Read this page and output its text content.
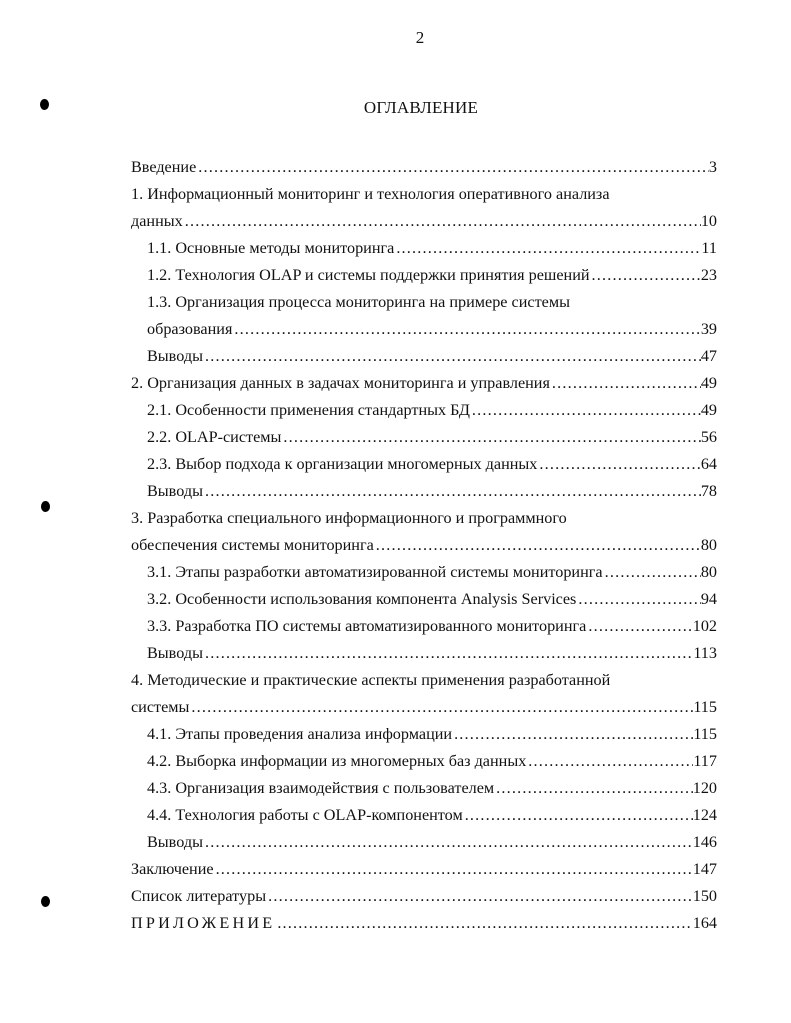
2
ОГЛАВЛЕНИЕ
Введение .....	3
1. Информационный мониторинг и технология оперативного анализа
данных .....	10
1.1. Основные методы мониторинга .....	11
1.2. Технология OLAP и системы поддержки принятия решений .....	23
1.3. Организация процесса мониторинга на примере системы
образования .....	39
Выводы .....	47
2. Организация данных в задачах мониторинга и управления .....	49
2.1. Особенности применения стандартных БД .....	49
2.2. OLAP-системы .....	56
2.3. Выбор подхода к организации многомерных данных .....	64
Выводы .....	78
3. Разработка специального информационного и программного
обеспечения системы мониторинга .....	80
3.1. Этапы разработки автоматизированной системы мониторинга .....	80
3.2. Особенности использования компонента Analysis Services .....	94
3.3. Разработка ПО системы автоматизированного мониторинга .....	102
Выводы .....	113
4. Методические и практические аспекты применения разработанной
системы .....	115
4.1. Этапы проведения анализа информации .....	115
4.2. Выборка информации из многомерных баз данных .....	117
4.3. Организация взаимодействия с пользователем .....	120
4.4. Технология работы с OLAP-компонентом .....	124
Выводы .....	146
Заключение .....	147
Список литературы .....	150
ПРИЛОЖЕНИЕ .....	164
